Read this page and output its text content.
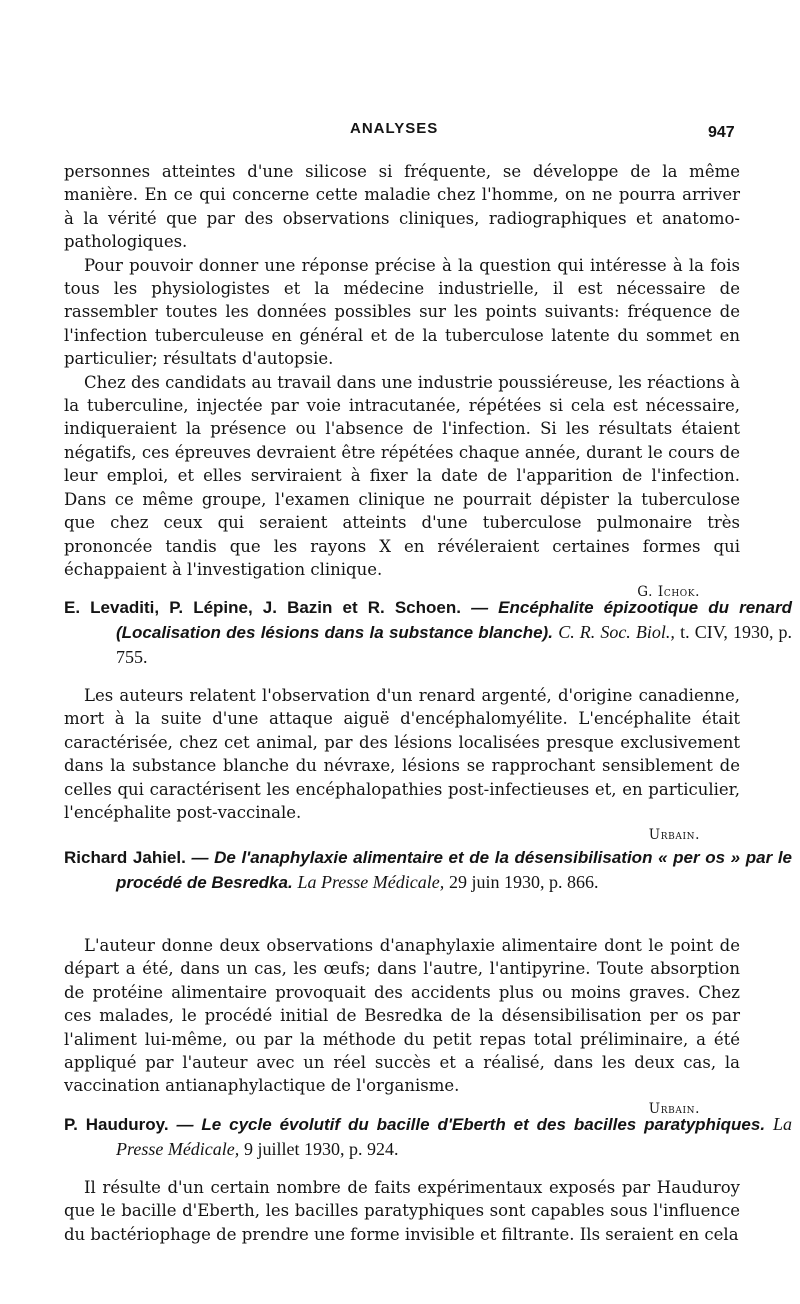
ANALYSES	947

personnes atteintes d'une silicose si fréquente, se développe de la même manière. En ce qui concerne cette maladie chez l'homme, on ne pourra arriver à la vérité que par des observations cliniques, radiographiques et anatomo-pathologiques.

Pour pouvoir donner une réponse précise à la question qui intéresse à la fois tous les physiologistes et la médecine industrielle, il est nécessaire de rassembler toutes les données possibles sur les points suivants: fréquence de l'infection tuberculeuse en général et de la tuberculose latente du sommet en particulier; résultats d'autopsie.

Chez des candidats au travail dans une industrie poussiéreuse, les réactions à la tuberculine, injectée par voie intracutanée, répétées si cela est nécessaire, indiqueraient la présence ou l'absence de l'infection. Si les résultats étaient négatifs, ces épreuves devraient être répétées chaque année, durant le cours de leur emploi, et elles serviraient à fixer la date de l'apparition de l'infection. Dans ce même groupe, l'examen clinique ne pourrait dépister la tuberculose que chez ceux qui seraient atteints d'une tuberculose pulmonaire très prononcée tandis que les rayons X en révéleraient certaines formes qui échappaient à l'investigation clinique.

G. Ichok.

E. Levaditi, P. Lépine, J. Bazin et R. Schoen. — Encéphalite épizootique du renard (Localisation des lésions dans la substance blanche). C. R. Soc. Biol., t. CIV, 1930, p. 755.

Les auteurs relatent l'observation d'un renard argenté, d'origine canadienne, mort à la suite d'une attaque aiguë d'encéphalomyélite. L'encéphalite était caractérisée, chez cet animal, par des lésions localisées presque exclusivement dans la substance blanche du névraxe, lésions se rapprochant sensiblement de celles qui caractérisent les encéphalopathies post-infectieuses et, en particulier, l'encéphalite post-vaccinale.

Urbain.

Richard Jahiel. — De l'anaphylaxie alimentaire et de la désensibilisation « per os » par le procédé de Besredka. La Presse Médicale, 29 juin 1930, p. 866.

L'auteur donne deux observations d'anaphylaxie alimentaire dont le point de départ a été, dans un cas, les œufs; dans l'autre, l'antipyrine. Toute absorption de protéine alimentaire provoquait des accidents plus ou moins graves. Chez ces malades, le procédé initial de Besredka de la désensibilisation per os par l'aliment lui-même, ou par la méthode du petit repas total préliminaire, a été appliqué par l'auteur avec un réel succès et a réalisé, dans les deux cas, la vaccination antianaphylactique de l'organisme.

Urbain.

P. Hauduroy. — Le cycle évolutif du bacille d'Eberth et des bacilles paratyphiques. La Presse Médicale, 9 juillet 1930, p. 924.

Il résulte d'un certain nombre de faits expérimentaux exposés par Hauduroy que le bacille d'Eberth, les bacilles paratyphiques sont capables sous l'influence du bactériophage de prendre une forme invisible et filtrante. Ils seraient en cela
